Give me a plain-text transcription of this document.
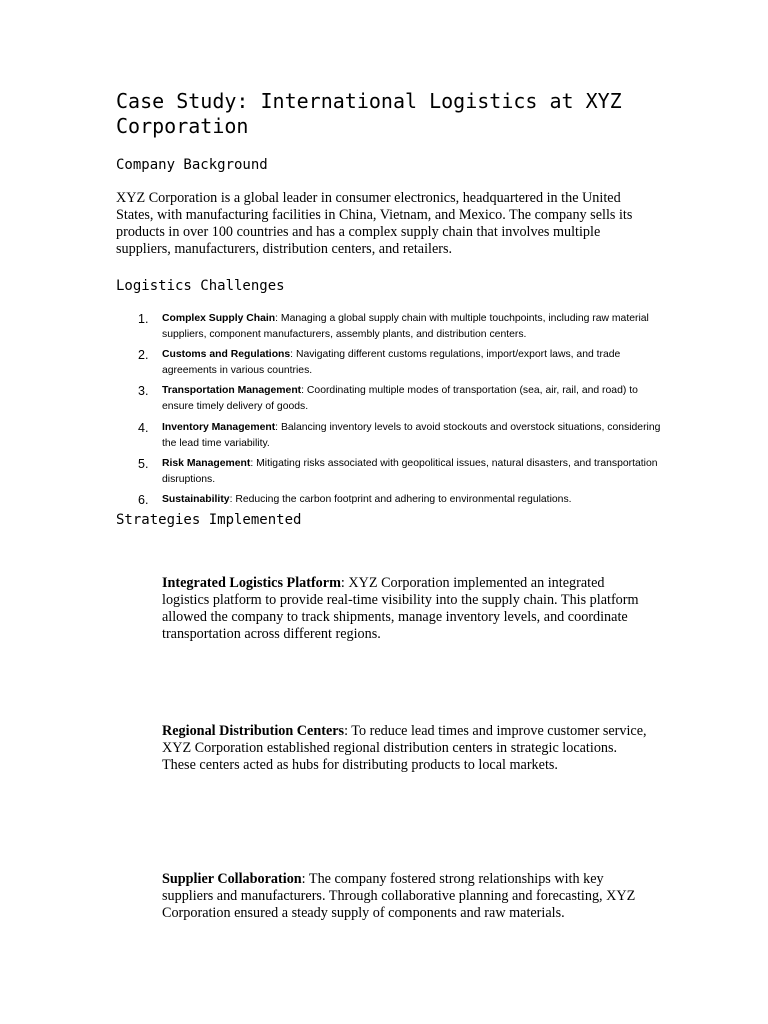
Case Study: International Logistics at XYZ Corporation
Company Background

XYZ Corporation is a global leader in consumer electronics, headquartered in the United States, with manufacturing facilities in China, Vietnam, and Mexico. The company sells its products in over 100 countries and has a complex supply chain that involves multiple suppliers, manufacturers, distribution centers, and retailers.

Logistics Challenges
1. Complex Supply Chain: Managing a global supply chain with multiple touchpoints, including raw material suppliers, component manufacturers, assembly plants, and distribution centers.
2. Customs and Regulations: Navigating different customs regulations, import/export laws, and trade agreements in various countries.
3. Transportation Management: Coordinating multiple modes of transportation (sea, air, rail, and road) to ensure timely delivery of goods.
4. Inventory Management: Balancing inventory levels to avoid stockouts and overstock situations, considering the lead time variability.
5. Risk Management: Mitigating risks associated with geopolitical issues, natural disasters, and transportation disruptions.
6. Sustainability: Reducing the carbon footprint and adhering to environmental regulations.
Strategies Implemented

Integrated Logistics Platform: XYZ Corporation implemented an integrated logistics platform to provide real-time visibility into the supply chain. This platform allowed the company to track shipments, manage inventory levels, and coordinate transportation across different regions.

Regional Distribution Centers: To reduce lead times and improve customer service, XYZ Corporation established regional distribution centers in strategic locations. These centers acted as hubs for distributing products to local markets.

Supplier Collaboration: The company fostered strong relationships with key suppliers and manufacturers. Through collaborative planning and forecasting, XYZ Corporation ensured a steady supply of components and raw materials.
